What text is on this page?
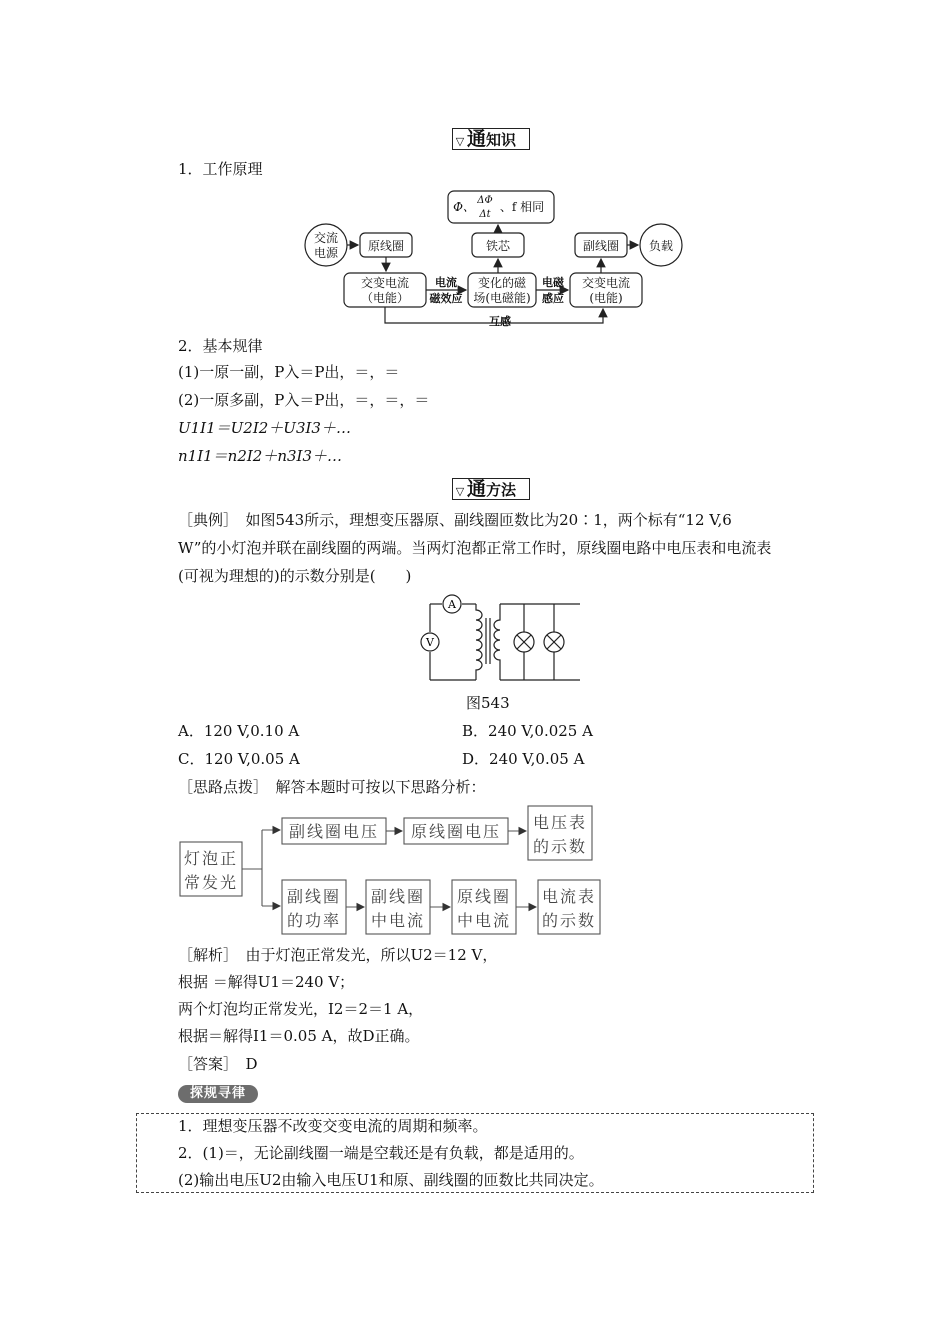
▽ 通知识
1．工作原理
交流
电源 原线圈
Φ、 ΔΦ
Δt
、f 相同
铁芯	副线圈 负载
交变电流
（电能）
电流
磁效应
变化的磁
场(电磁能)
电磁
感应
交变电流
(电能)
互感
2．基本规律
(1)一原一副，P入＝P出，＝，＝
(2)一原多副，P入＝P出，＝，＝，＝
U1I1＝U2I2＋U3I3＋…
n1I1＝n2I2＋n3I3＋…
▽ 通方法
［典例］　如图543所示，理想变压器原、副线圈匝数比为20∶1，两个标有“12 V,6
W”的小灯泡并联在副线圈的两端。当两灯泡都正常工作时，原线圈电路中电压表和电流表
(可视为理想的)的示数分别是(　　)
A
V
图543
A．120 V,0.10 A	B．240 V,0.025 A
C．120 V,0.05 A	D．240 V,0.05 A
［思路点拨］　解答本题时可按以下思路分析：
灯泡正
常发光
副线圈电压 原线圈电压 电压表
的示数
副线圈
的功率
副线圈
中电流
原线圈
中电流
电流表
的示数
［解析］　由于灯泡正常发光，所以U2＝12 V，
根据 ＝解得U1＝240 V；
两个灯泡均正常发光，I2＝2＝1 A，
根据＝解得I1＝0.05 A，故D正确。
［答案］　D
探规寻律
1．理想变压器不改变交变电流的周期和频率。
2．(1)＝，无论副线圈一端是空载还是有负载，都是适用的。
(2)输出电压U2由输入电压U1和原、副线圈的匝数比共同决定。
